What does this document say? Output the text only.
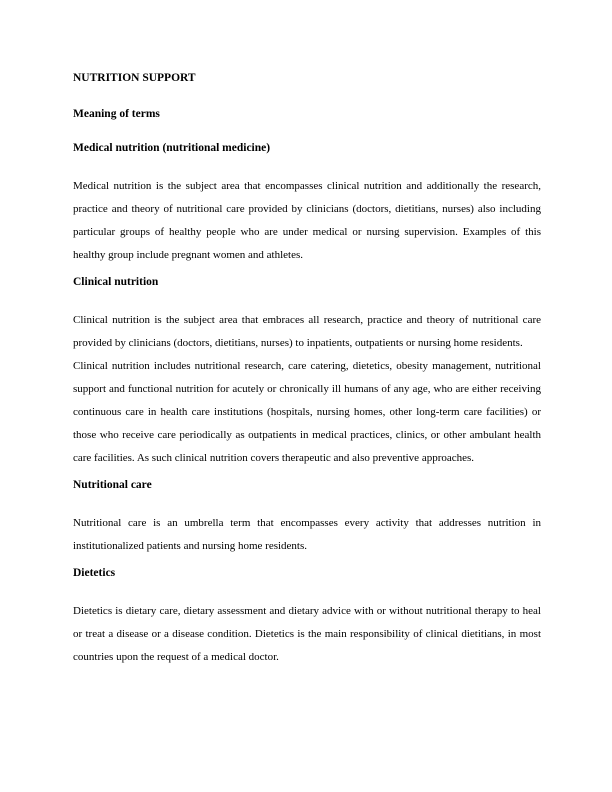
NUTRITION SUPPORT
Meaning of terms
Medical nutrition (nutritional medicine)

Medical nutrition is the subject area that encompasses clinical nutrition and additionally the research, practice and theory of nutritional care provided by clinicians (doctors, dietitians, nurses) also including particular groups of healthy people who are under medical or nursing supervision. Examples of this healthy group include pregnant women and athletes.

Clinical nutrition

Clinical nutrition is the subject area that embraces all research, practice and theory of nutritional care provided by clinicians (doctors, dietitians, nurses) to inpatients, outpatients or nursing home residents.

Clinical nutrition includes nutritional research, care catering, dietetics, obesity management, nutritional support and functional nutrition for acutely or chronically ill humans of any age, who are either receiving continuous care in health care institutions (hospitals, nursing homes, other long-term care facilities) or those who receive care periodically as outpatients in medical practices, clinics, or other ambulant health care facilities. As such clinical nutrition covers therapeutic and also preventive approaches.

Nutritional care

Nutritional care is an umbrella term that encompasses every activity that addresses nutrition in institutionalized patients and nursing home residents.

Dietetics

Dietetics is dietary care, dietary assessment and dietary advice with or without nutritional therapy to heal or treat a disease or a disease condition. Dietetics is the main responsibility of clinical dietitians, in most countries upon the request of a medical doctor.
